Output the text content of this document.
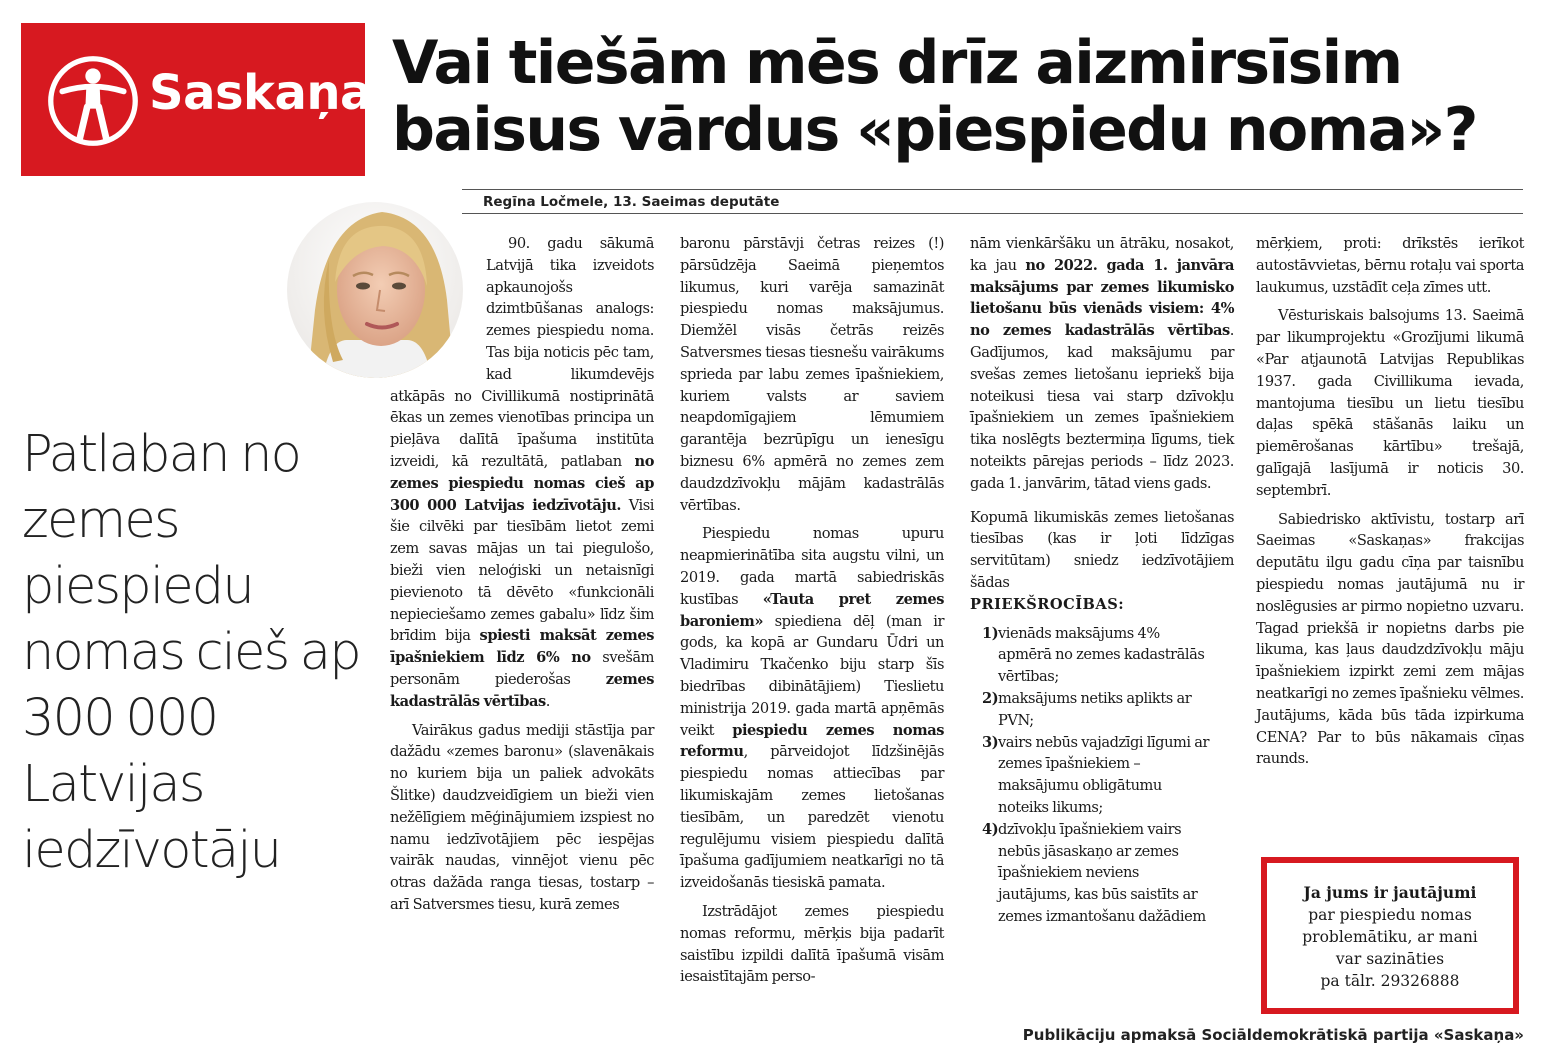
Saskaņa Vai tiešām mēs drīz aizmirsīsim baisus vārdus «piespiedu noma»?
Regīna Ločmele, 13. Saeimas deputāte

Patlaban no zemes piespiedu nomas cieš ap 300 000 Latvijas iedzīvotāju

90. gadu sākumā Latvijā tika izveidots apkaunojošs dzimtbūšanas analogs: zemes piespiedu noma. Tas bija noticis pēc tam, kad likumdevējs atkāpās no Civillikumā nostiprinātā ēkas un zemes vienotības principa un pieļāva dalītā īpašuma institūta izveidi, kā rezultātā, patlaban no zemes piespiedu nomas cieš ap 300 000 Latvijas iedzīvotāju. Visi šie cilvēki par tiesībām lietot zemi zem savas mājas un tai piegulošo, bieži vien neloģiski un netaisnīgi pievienoto tā dēvēto «funkcionāli nepieciešamo zemes gabalu» līdz šim brīdim bija spiesti maksāt zemes īpašniekiem līdz 6% no svešām personām piederošas zemes kadastrālās vērtības.

Vairākus gadus mediji stāstīja par dažādu «zemes baronu» (slavenākais no kuriem bija un paliek advokāts Šlitke) daudzveidīgiem un bieži vien nežēlīgiem mēģinājumiem izspiest no namu iedzīvotājiem pēc iespējas vairāk naudas, vinnējot vienu pēc otras dažāda ranga tiesas, tostarp – arī Satversmes tiesu, kurā zemes

baronu pārstāvji četras reizes (!) pārsūdzēja Saeimā pieņemtos likumus, kuri varēja samazināt piespiedu nomas maksājumus. Diemžēl visās četrās reizēs Satversmes tiesas tiesnešu vairākums sprieda par labu zemes īpašniekiem, kuriem valsts ar saviem neapdomīgajiem lēmumiem garantēja bezrūpīgu un ienesīgu biznesu 6% apmērā no zemes zem daudzdzīvokļu mājām kadastrālās vērtības.

Piespiedu nomas upuru neapmierinātība sita augstu vilni, un 2019. gada martā sabiedriskās kustības «Tauta pret zemes baroniem» spiediena dēļ (man ir gods, ka kopā ar Gundaru Ūdri un Vladimiru Tkačenko biju starp šīs biedrības dibinātājiem) Tieslietu ministrija 2019. gada martā apņēmās veikt piespiedu zemes nomas reformu, pārveidojot līdzšinējās piespiedu nomas attiecības par likumiskajām zemes lietošanas tiesībām, un paredzēt vienotu regulējumu visiem piespiedu dalītā īpašuma gadījumiem neatkarīgi no tā izveidošanās tiesiskā pamata.

Izstrādājot zemes piespiedu nomas reformu, mērķis bija padarīt saistību izpildi dalītā īpašumā visām iesaistītajām perso-

nām vienkāršāku un ātrāku, nosakot, ka jau no 2022. gada 1. janvāra maksājums par zemes likumisko lietošanu būs vienāds visiem: 4% no zemes kadastrālās vērtības. Gadījumos, kad maksājumu par svešas zemes lietošanu iepriekš bija noteikusi tiesa vai starp dzīvokļu īpašniekiem un zemes īpašniekiem tika noslēgts beztermiņa līgums, tiek noteikts pārejas periods – līdz 2023. gada 1. janvārim, tātad viens gads.

Kopumā likumiskās zemes lietošanas tiesības (kas ir ļoti līdzīgas servitūtam) sniedz iedzīvotājiem šādas
PRIEKŠROCĪBAS:

1) vienāds maksājums 4% apmērā no zemes kadastrālās vērtības;
2) maksājums netiks aplikts ar PVN;
3) vairs nebūs vajadzīgi līgumi ar zemes īpašniekiem – maksājumu obligātumu noteiks likums;
4) dzīvokļu īpašniekiem vairs nebūs jāsaskaņo ar zemes īpašniekiem neviens jautājums, kas būs saistīts ar zemes izmantošanu dažādiem

mērķiem, proti: drīkstēs ierīkot autostāvvietas, bērnu rotaļu vai sporta laukumus, uzstādīt ceļa zīmes utt.

Vēsturiskais balsojums 13. Saeimā par likumprojektu «Grozījumi likumā «Par atjaunotā Latvijas Republikas 1937. gada Civillikuma ievada, mantojuma tiesību un lietu tiesību daļas spēkā stāšanās laiku un piemērošanas kārtību» trešajā, galīgajā lasījumā ir noticis 30. septembrī.

Sabiedrisko aktīvistu, tostarp arī Saeimas «Saskaņas» frakcijas deputātu ilgu gadu cīņa par taisnību piespiedu nomas jautājumā nu ir noslēgusies ar pirmo nopietno uzvaru. Tagad priekšā ir nopietns darbs pie likuma, kas ļaus daudzdzīvokļu māju īpašniekiem izpirkt zemi zem mājas neatkarīgi no zemes īpašnieku vēlmes. Jautājums, kāda būs tāda izpirkuma CENA? Par to būs nākamais cīņas raunds.

Ja jums ir jautājumi
par piespiedu nomas
problemātiku, ar mani
var sazināties
pa tālr. 29326888
Publikāciju apmaksā Sociāldemokrātiskā partija «Saskaņa»
